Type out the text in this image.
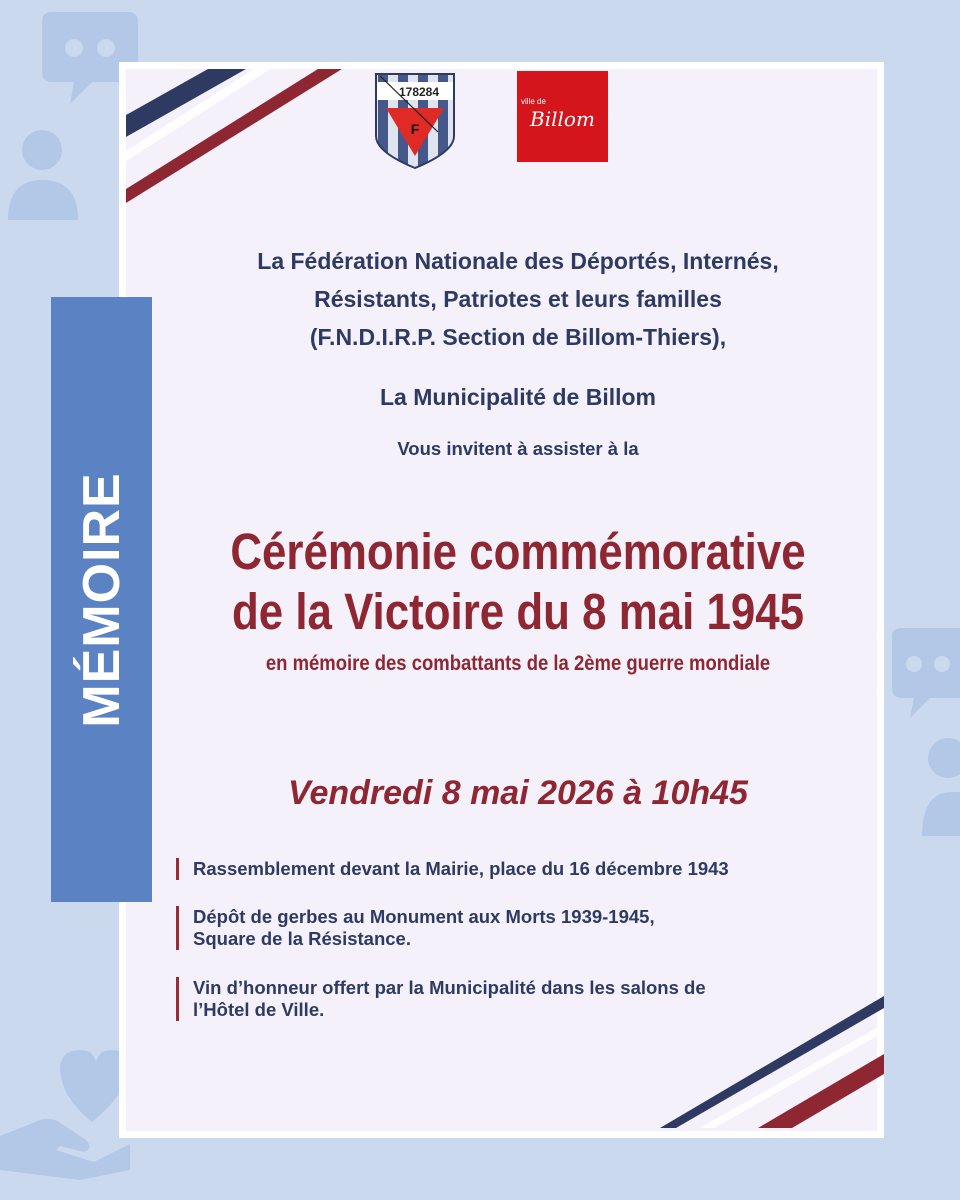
MÉMOIRE
178284
F
ville de
Billom
La Fédération Nationale des Déportés, Internés,
Résistants, Patriotes et leurs familles
(F.N.D.I.R.P. Section de Billom-Thiers),
La Municipalité de Billom
Vous invitent à assister à la
Cérémonie commémorative
de la Victoire du 8 mai 1945
en mémoire des combattants de la 2ème guerre mondiale
Vendredi 8 mai 2026 à 10h45
Rassemblement devant la Mairie, place du 16 décembre 1943
Dépôt de gerbes au Monument aux Morts 1939-1945,
Square de la Résistance.
Vin d’honneur offert par la Municipalité dans les salons de
l’Hôtel de Ville.
